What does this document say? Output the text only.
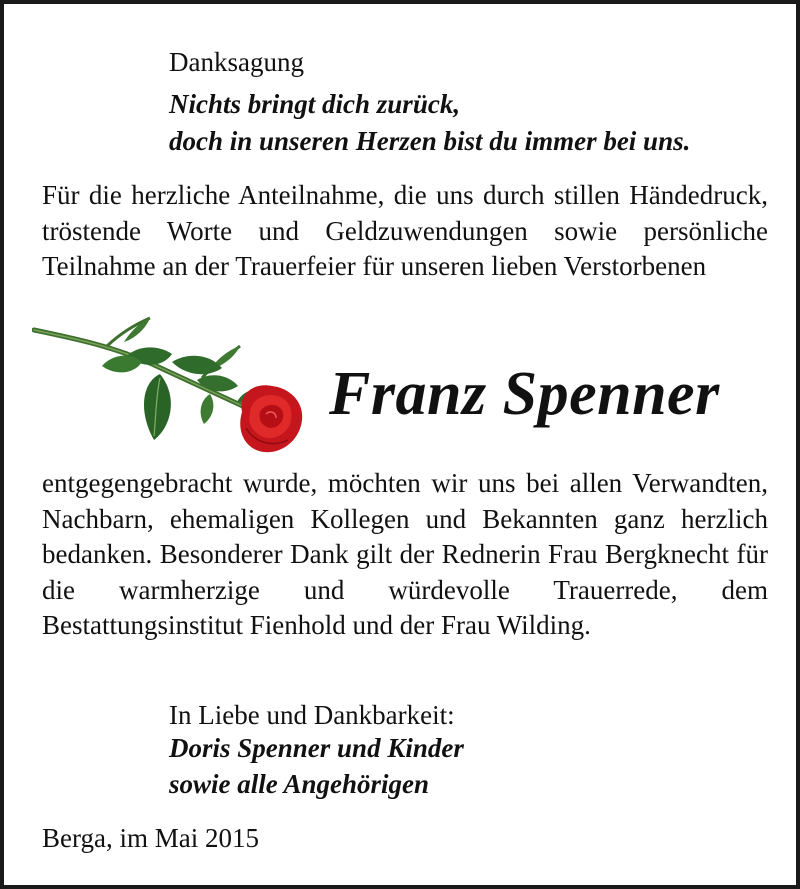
Danksagung

Nichts bringt dich zurück,
doch in unseren Herzen bist du immer bei uns.

Für die herzliche Anteilnahme, die uns durch stillen Händedruck, tröstende Worte und Geldzuwendungen sowie persönliche Teilnahme an der Trauerfeier für unseren lieben Verstorbenen

Franz Spenner

entgegengebracht wurde, möchten wir uns bei allen Verwandten, Nachbarn, ehemaligen Kollegen und Bekannten ganz herzlich bedanken. Besonderer Dank gilt der Rednerin Frau Bergknecht für die warmherzige und würdevolle Trauerrede, dem Bestattungsinstitut Fienhold und der Frau Wilding.

In Liebe und Dankbarkeit:

Doris Spenner und Kinder
sowie alle Angehörigen

Berga, im Mai 2015
